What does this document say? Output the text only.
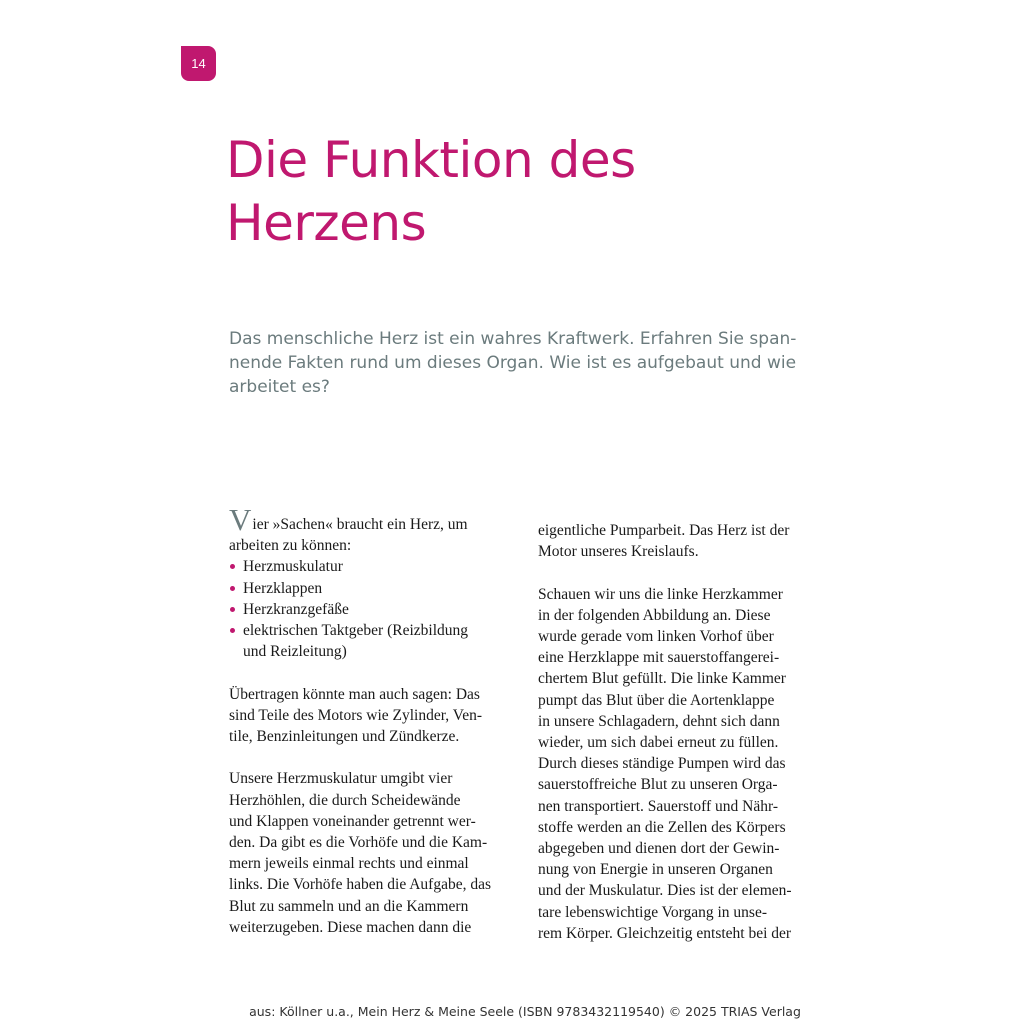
14
Die Funktion des
Herzens

Das menschliche Herz ist ein wahres Kraftwerk. Erfahren Sie span-
nende Fakten rund um dieses Organ. Wie ist es aufgebaut und wie
arbeitet es?

Vier »Sachen« braucht ein Herz, um
arbeiten zu können:
Herzmuskulatur
Herzklappen
Herzkranzgefäße
elektrischen Taktgeber (Reizbildung
und Reizleitung)
Übertragen könnte man auch sagen: Das
sind Teile des Motors wie Zylinder, Ven-
tile, Benzinleitungen und Zündkerze.
Unsere Herzmuskulatur umgibt vier
Herzhöhlen, die durch Scheidewände
und Klappen voneinander getrennt wer-
den. Da gibt es die Vorhöfe und die Kam-
mern jeweils einmal rechts und einmal
links. Die Vorhöfe haben die Aufgabe, das
Blut zu sammeln und an die Kammern
weiterzugeben. Diese machen dann die
eigentliche Pumparbeit. Das Herz ist der
Motor unseres Kreislaufs.
Schauen wir uns die linke Herzkammer
in der folgenden Abbildung an. Diese
wurde gerade vom linken Vorhof über
eine Herzklappe mit sauerstoffangerei-
chertem Blut gefüllt. Die linke Kammer
pumpt das Blut über die Aortenklappe
in unsere Schlagadern, dehnt sich dann
wieder, um sich dabei erneut zu füllen.
Durch dieses ständige Pumpen wird das
sauerstoffreiche Blut zu unseren Orga-
nen transportiert. Sauerstoff und Nähr-
stoffe werden an die Zellen des Körpers
abgegeben und dienen dort der Gewin-
nung von Energie in unseren Organen
und der Muskulatur. Dies ist der elemen-
tare lebenswichtige Vorgang in unse-
rem Körper. Gleichzeitig entsteht bei der
aus: Köllner u.a., Mein Herz & Meine Seele (ISBN 9783432119540) © 2025 TRIAS Verlag
